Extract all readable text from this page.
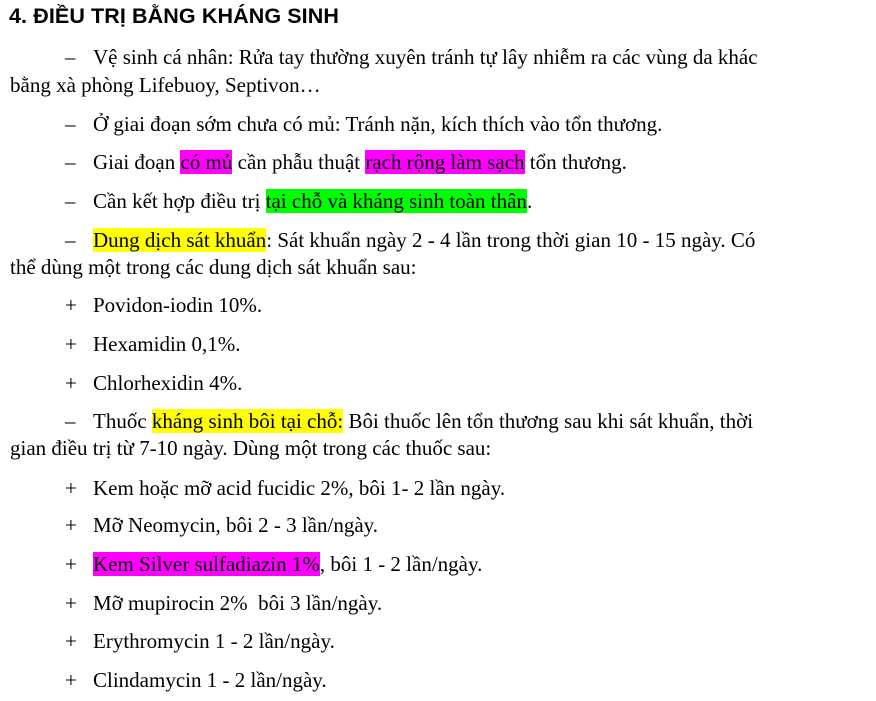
4. ĐIỀU TRỊ BẰNG KHÁNG SINH
– Vệ sinh cá nhân: Rửa tay thường xuyên tránh tự lây nhiễm ra các vùng da khác
bằng xà phòng Lifebuoy, Septivon…
– Ở giai đoạn sớm chưa có mủ: Tránh nặn, kích thích vào tổn thương.
– Giai đoạn có mủ cần phẫu thuật rạch rộng làm sạch tổn thương.
– Cần kết hợp điều trị tại chỗ và kháng sinh toàn thân.
– Dung dịch sát khuẩn: Sát khuẩn ngày 2 - 4 lần trong thời gian 10 - 15 ngày. Có
thể dùng một trong các dung dịch sát khuẩn sau:
+ Povidon-iodin 10%.
+ Hexamidin 0,1%.
+ Chlorhexidin 4%.
– Thuốc kháng sinh bôi tại chỗ: Bôi thuốc lên tổn thương sau khi sát khuẩn, thời
gian điều trị từ 7-10 ngày. Dùng một trong các thuốc sau:
+ Kem hoặc mỡ acid fucidic 2%, bôi 1- 2 lần ngày.
+ Mỡ Neomycin, bôi 2 - 3 lần/ngày.
+ Kem Silver sulfadiazin 1%, bôi 1 - 2 lần/ngày.
+ Mỡ mupirocin 2%  bôi 3 lần/ngày.
+ Erythromycin 1 - 2 lần/ngày.
+ Clindamycin 1 - 2 lần/ngày.
